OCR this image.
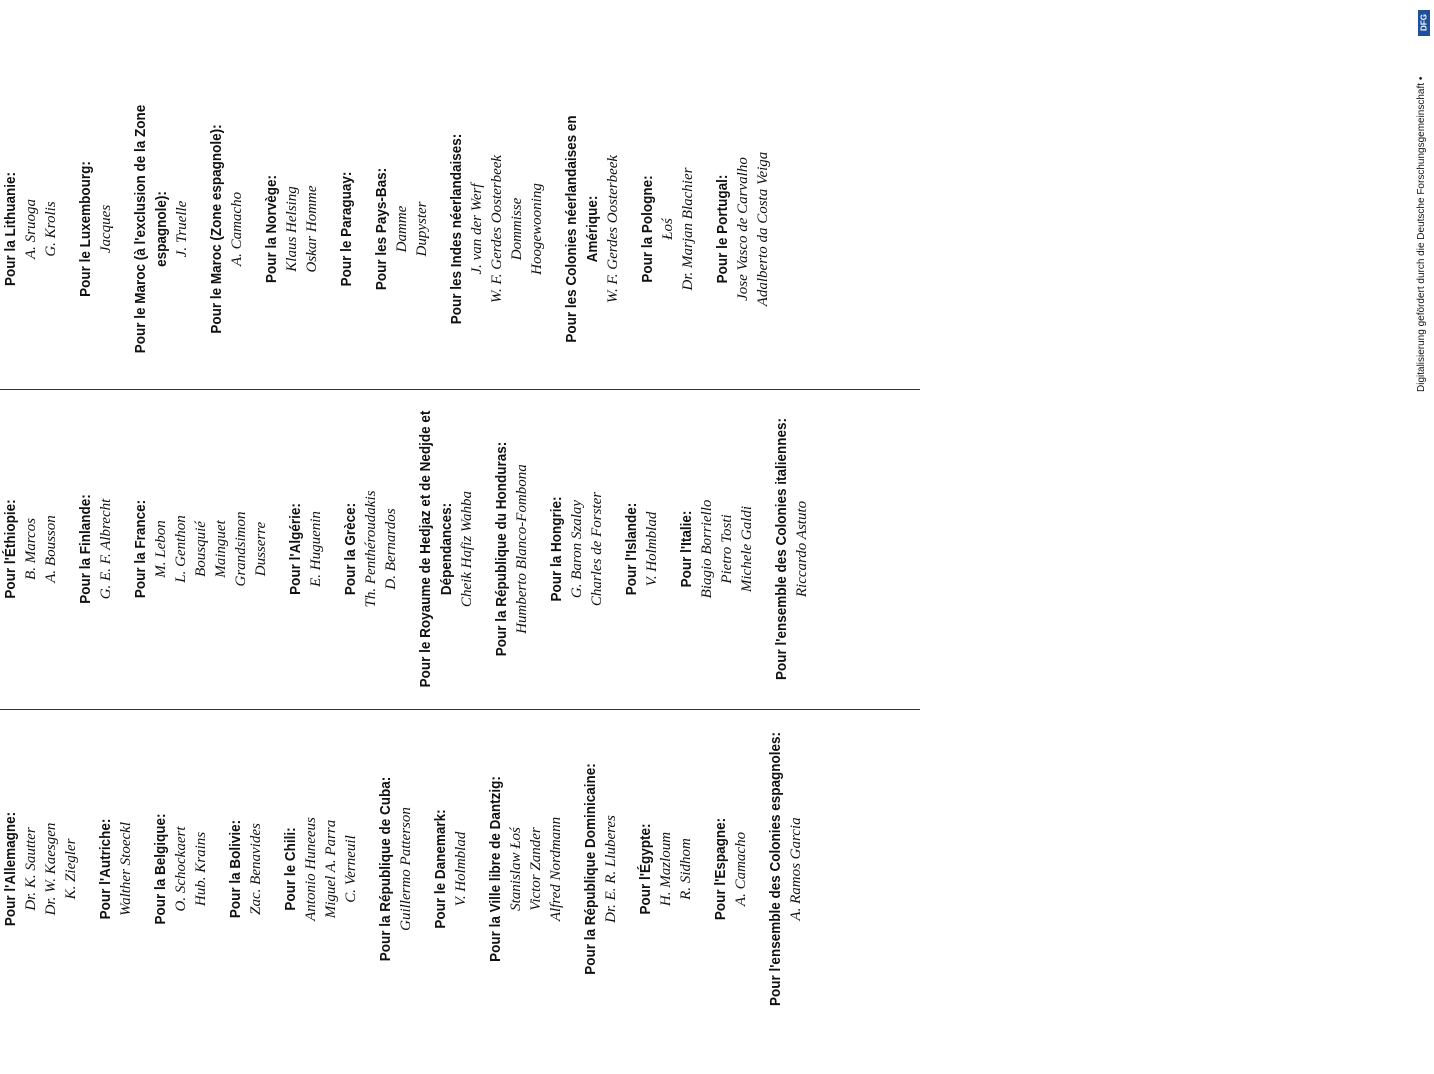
Pour l'Allemagne: Dr. K. Sautter Dr. W. Kaesgen K. Ziegler Pour l'Autriche: Walther Stoeckl Pour la Belgique: O. Schockaert Hub. Krains Pour la Bolivie: Zac. Benavides Pour le Chili: Antonio Huneeus Miguel A. Parra C. Verneuil Pour la République de Cuba: Guillermo Patterson Pour le Danemark: V. Holmblad Pour la Ville libre de Dantzig: Stanislaw Łoś Victor Zander Alfred Nordmann Pour la République Dominicaine: Dr. E. R. Lluberes Pour l'Égypte: H. Mazloum R. Sidhom Pour l'Espagne: A. Camacho Pour l'ensemble des Colonies espagnoles: A. Ramos Garcia
Pour l'Éthiopie: B. Marcos A. Bousson Pour la Finlande: G. E. F. Albrecht Pour la France: M. Lebon L. Genthon Bousquié Mainguet Grandsimon Dusserre Pour l'Algérie: E. Huguenin Pour la Grèce: Th. Penthéroudakis D. Bernardos Pour le Royaume de Hedjaz et de Nedjde et Dépendances: Cheik Hafiz Wahba Pour la République du Honduras: Humberto Blanco-Fombona Pour la Hongrie: G. Baron Szalay Charles de Forster Pour l'Islande: V. Holmblad Pour l'Italie: Biagio Borriello Pietro Tosti Michele Galdi Pour l'ensemble des Colonies italiennes: Riccardo Astuto
Pour la Lithuanie: A. Sruoga G. Krolis Pour le Luxembourg: Jacques Pour le Maroc (à l'exclusion de la Zone espagnole): J. Truelle Pour le Maroc (Zone espagnole): A. Camacho Pour la Norvège: Klaus Helsing Oskar Homme Pour le Paraguay: Pour les Pays-Bas: Damme Dupyster Pour les Indes néerlandaises: J. van der Werf W. F. Gerdes Oosterbeek Dommisse Hoogewooning Pour les Colonies néerlandaises en Amérique: W. F. Gerdes Oosterbeek Pour la Pologne: Łoś Dr. Marjan Blachier Pour le Portugal: Jose Vasco de Carvalho Adalberto da Costa Veiga
DFG
Digitalisierung gefördert durch die Deutsche Forschungsgemeinschaft •
